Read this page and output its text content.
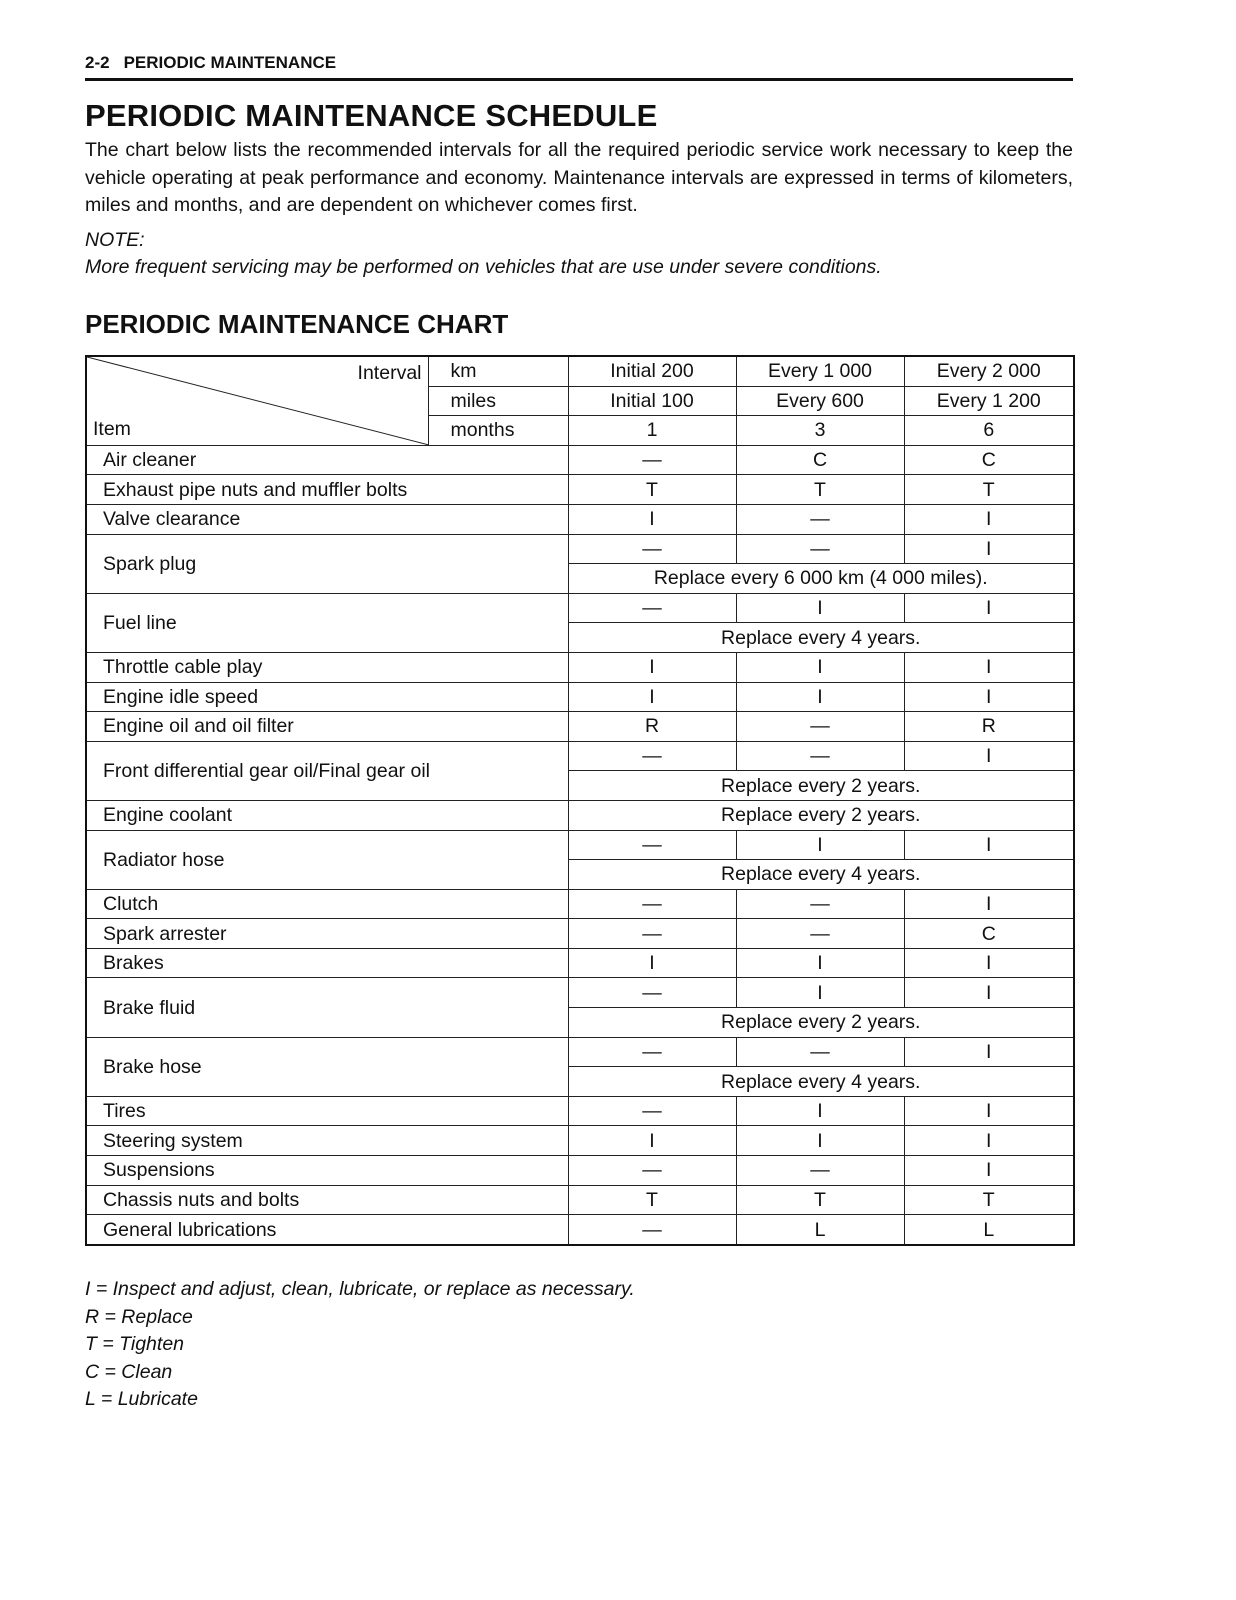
2-2 PERIODIC MAINTENANCE
PERIODIC MAINTENANCE SCHEDULE
The chart below lists the recommended intervals for all the required periodic service work necessary to keep the vehicle operating at peak performance and economy. Maintenance intervals are expressed in terms of kilometers, miles and months, and are dependent on whichever comes first.
NOTE:
More frequent servicing may be performed on vehicles that are use under severe conditions.
PERIODIC MAINTENANCE CHART
Interval
Item	km	Initial 200	Every 1 000	Every 2 000
	miles	Initial 100	Every 600	Every 1 200
	months	1	3	6
Air cleaner		—	C	C
Exhaust pipe nuts and muffler bolts		T	T	T
Valve clearance		I	—	I
Spark plug		—	—	I
		Replace every 6 000 km (4 000 miles).		
Fuel line		—	I	I
		Replace every 4 years.		
Throttle cable play		I	I	I
Engine idle speed		I	I	I
Engine oil and oil filter		R	—	R
Front differential gear oil/Final gear oil		—	—	I
		Replace every 2 years.		
Engine coolant		Replace every 2 years.		
Radiator hose		—	I	I
		Replace every 4 years.		
Clutch		—	—	I
Spark arrester		—	—	C
Brakes		I	I	I
Brake fluid		—	I	I
		Replace every 2 years.		
Brake hose		—	—	I
		Replace every 4 years.		
Tires		—	I	I
Steering system		I	I	I
Suspensions		—	—	I
Chassis nuts and bolts		T	T	T
General lubrications		—	L	L
I = Inspect and adjust, clean, lubricate, or replace as necessary.
R = Replace
T = Tighten
C = Clean
L = Lubricate
